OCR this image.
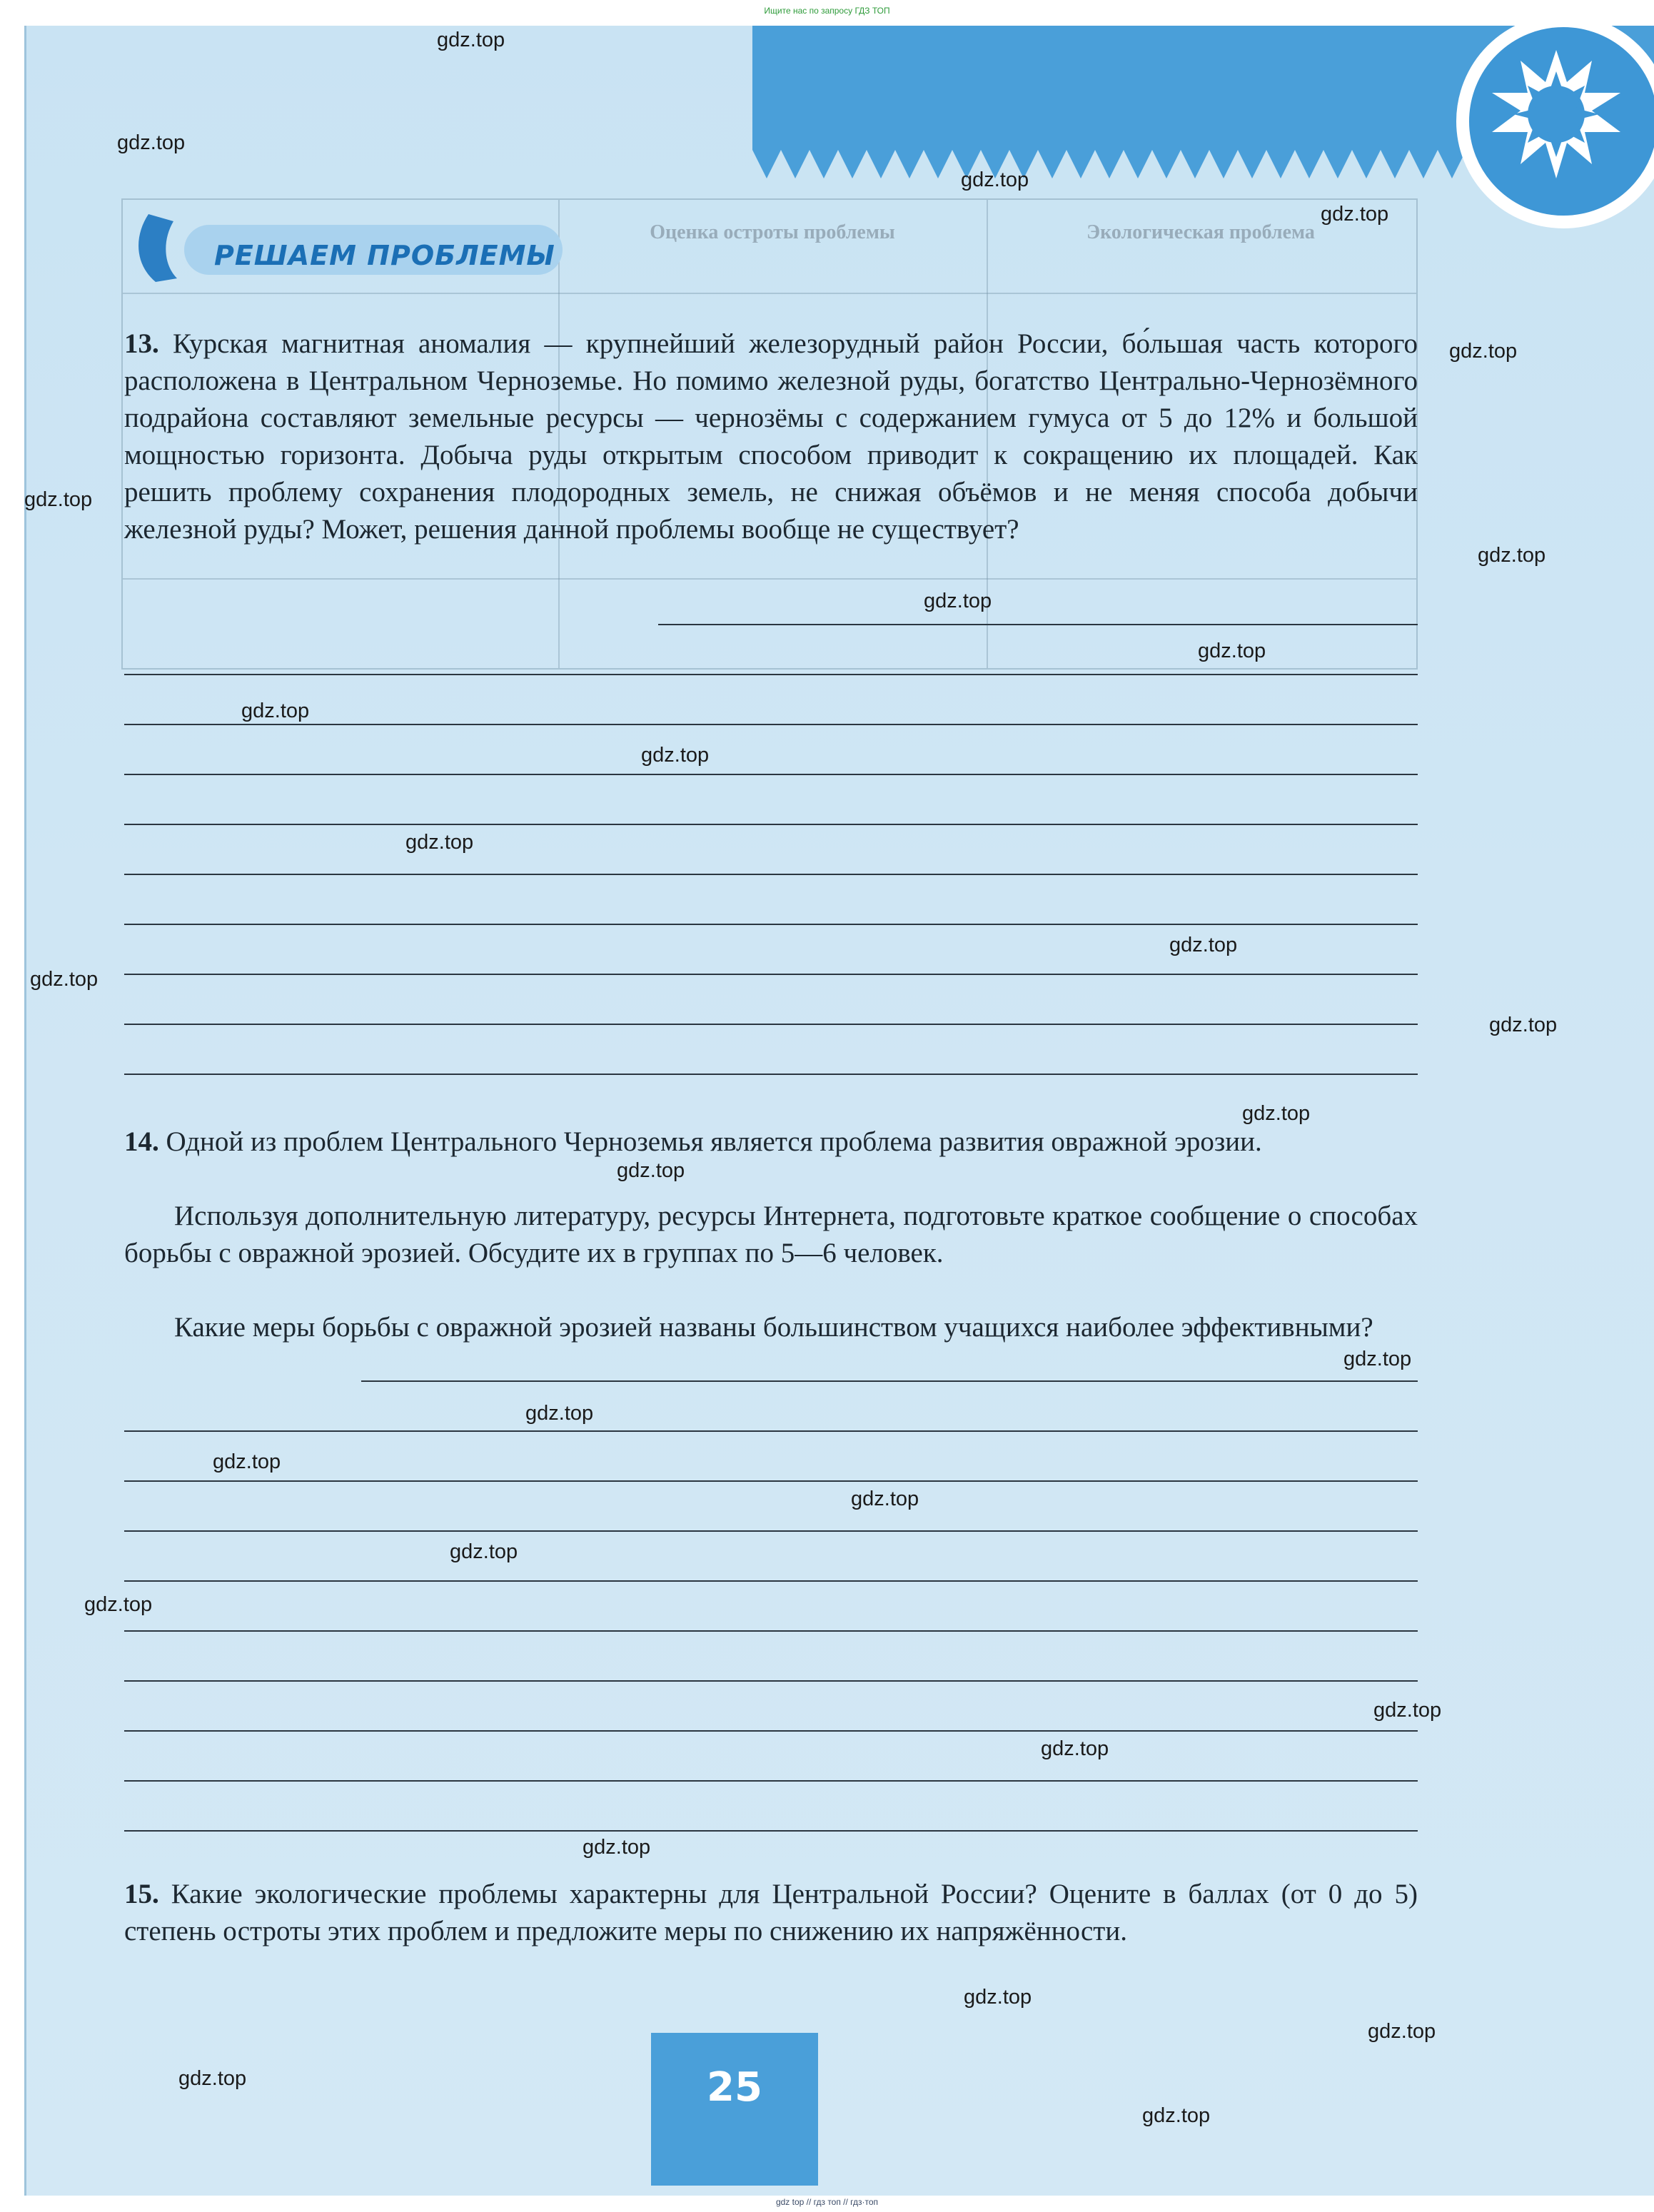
Ищите нас по запросу ГДЗ ТОП
Оценка остроты проблемы	Экологическая проблема
РЕШАЕМ ПРОБЛЕМЫ
13. Курская магнитная аномалия — крупнейший железорудный район России, бо́льшая часть которого расположена в Центральном Черноземье. Но помимо железной руды, богатство Центрально-Чернозёмного подрайона составляют земельные ресурсы — чернозёмы с содержанием гумуса от 5 до 12% и большой мощностью горизонта. Добыча руды открытым способом приводит к сокращению их площадей. Как решить проблему сохранения плодородных земель, не снижая объёмов и не меняя способа добычи железной руды? Может, решения данной проблемы вообще не существует?
14. Одной из проблем Центрального Черноземья является проблема развития овражной эрозии.
Используя дополнительную литературу, ресурсы Интернета, подготовьте краткое сообщение о способах борьбы с овражной эрозией. Обсудите их в группах по 5—6 человек.
Какие меры борьбы с овражной эрозией названы большинством учащихся наиболее эффективными?
15. Какие экологические проблемы характерны для Центральной России? Оцените в баллах (от 0 до 5) степень остроты этих проблем и предложите меры по снижению их напряжённости.
25
gdz.top
gdz.top
gdz.top
gdz.top
gdz.top
gdz.top
gdz.top
gdz.top
gdz.top
gdz.top
gdz.top
gdz.top
gdz.top
gdz.top
gdz.top
gdz.top
gdz.top
gdz.top
gdz.top
gdz.top
gdz.top
gdz.top
gdz.top
gdz.top
gdz.top
gdz.top
gdz.top
gdz.top
gdz.top
gdz.top
gdz top // гдз топ // гдз·топ
